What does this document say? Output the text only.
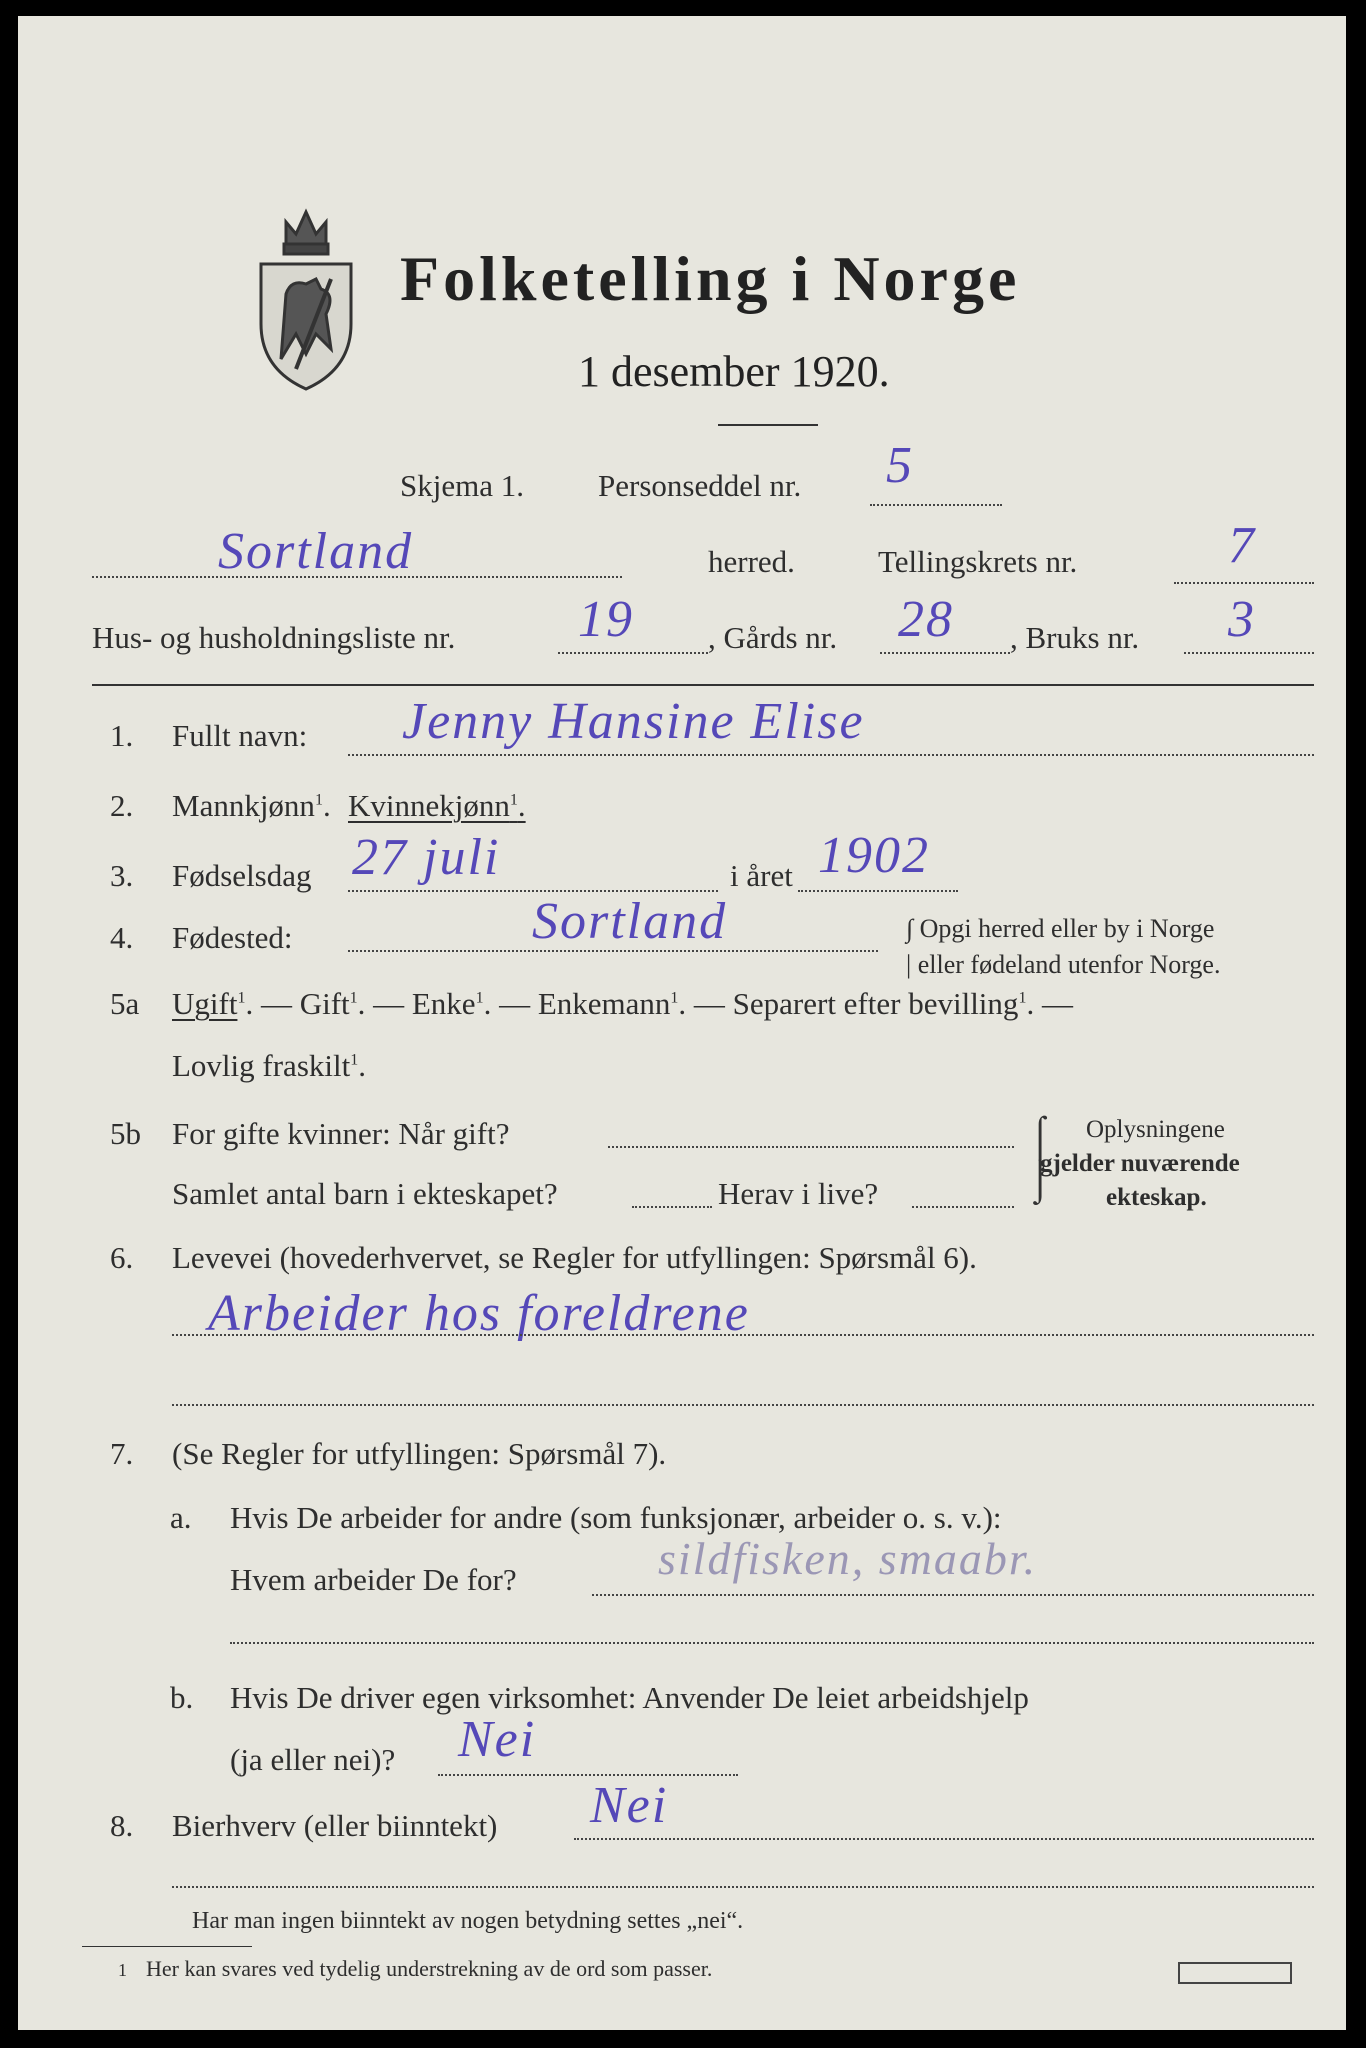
Folketelling i Norge
1 desember 1920.
Skjema 1. Personseddel nr. 5
Sortland	herred.	Tellingskrets nr.	7
Hus- og husholdningsliste nr. 19 , Gårds nr. 28 , Bruks nr. 3
1. Fullt navn: Jenny Hansine Elise
2. Mannkjønn$^1$. Kvinnekjønn$^1$.
3. Fødselsdag 27 juli	i året 1902
4. Fødested:	Sortland	∫ Opgi herred eller by i Norge
| eller fødeland utenfor Norge.
5a Ugift$^1$. — Gift$^1$. — Enke$^1$. — Enkemann$^1$. — Separert efter bevilling$^1$. —
Lovlig fraskilt$^1$.
5b For gifte kvinner: Når gift?
Samlet antal barn i ekteskapet?	Herav i live?
⌠
⌡
Oplysningene
gjelder nuværende
ekteskap.
6. Levevei (hovederhvervet, se Regler for utfyllingen: Spørsmål 6).
Arbeider hos foreldrene
7. (Se Regler for utfyllingen: Spørsmål 7).
a. Hvis De arbeider for andre (som funksjonær, arbeider o. s. v.):
Hvem arbeider De for?	sildfisken, smaabr.
b. Hvis De driver egen virksomhet: Anvender De leiet arbeidshjelp
(ja eller nei)? Nei
8. Bierhverv (eller biinntekt) Nei
Har man ingen biinntekt av nogen betydning settes „nei“.
1 Her kan svares ved tydelig understrekning av de ord som passer.
